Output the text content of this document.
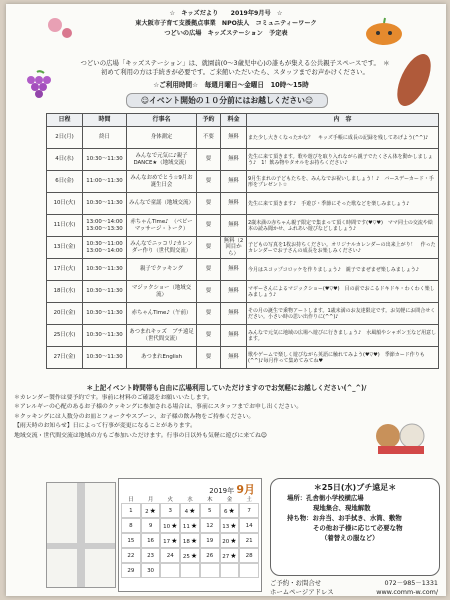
☆　キッズだより　　2019年9月号　☆
東大阪市子育て支援拠点事業　NPO法人　コミュニティーワーク
つどいの広場　キッズステーション　予定表
つどいの広場「キッズステーション」は、就園前(0〜3歳児中心)の誰もが集える公共親子スペースです。　＊初めて利用の方は手続きが必要です。ご来館いただいたら、スタッフまでお声かけください。
☆ご利用時間☆　毎週月曜日〜金曜日　10時〜15時
☺イベント開始の１０分前にはお越しください☺
日程	時間	行事名	予約	料金	内　容
2日(月)	終日	身体測定	不要	無料	また少し大きくなったかな？　キッズ手帳に成長の記録を残してあげよう(^^)♪
4日(水)	10:30〜11:30	みんなで元気に♪親子DANCE★（地域交流）	要	無料	先生に来て頂きます。歌や遊びを取り入れながら親子でたくさん体を動かしましょう♪　1！飲み物やタオルをお持ちください♪
6日(金)	11:00〜11:30	みんなおめでとう☆9月お誕生日会	要	無料	9月生まれの子どもたちを、みんなでお祝いしましょう！♪　バースデーカード・手形をプレゼント☆
10日(火)	10:30〜11:30	みんなで童謡（地域交流）	要	無料	先生に来て頂きます♪　手遊び・季節にそった歌などを楽しみましょう♪
11日(水)	13:00〜14:00　13:00〜13:30	赤ちゃんTime♪　（ベビーマッサージ・トーク）	要	無料	2歳未満の赤ちゃん親子限定で集まって頂く時間です(♥▽♥)　ママ同士の交流や絵本の読み聞かせ、ふれあい遊びなどしましょう♪
13日(金)	10:30〜11:00　13:00〜14:00	みんなでニッコリ♪カレンダー作り（世代間交流）	要	無料（2回目から）	子どもの写真を1枚お持ちください。オリジナルカレンダーの出来上がり！　作ったカレンダーでお子さんの成長をお楽しみください♪
17日(火)	10:30〜11:30	親子でクッキング	要	無料	今月はスコップコロッケを作りましょう♪　親子でまぜまぜ楽しみましょう♪
18日(水)	10:30〜11:30	マジックショー（地域交流）	要	無料	マギーさんによるマジックショー(♥▽♥)　目の前でおこるドキドキ・わくわく楽しみましょう♪
20日(金)	10:30〜11:30	赤ちゃんTime♪（午前）	要	無料	その月の誕生で乗物アートします。1歳未満のお友達限定です。お気軽にお問合せください。小さい時の思い出作りに(^^)♪
25日(水)	10:30〜11:30	あつまれキッズ　ブチ遠足（世代間交流）	要	無料	みんなで元気に地域の広場へ遊びに行きましょう♪　水風船やシャボン玉など用意します。
27日(金)	10:30〜11:30	あつまれEnglish	要	無料	歌やゲームで楽しく遊びながら英語に触れてみよう(♥▽♥)　季節カード作りも(^^)♪毎月作って集めてみてね♥
＊上記イベント時間帯も自由に広場利用していただけますのでお気軽にお越しください(^_^)/
＊カレンダー製作は要予約です。事前に材料のご確認をお願いいたします。
＊アレルギーの心配のあるお子様のクッキングに参加される場合は、事前にスタッフまでお申し出ください。
＊クッキングには人数分のお皿とフォークやスプーン、お子様の飲み物をご持参ください。
【雨天時のお知らせ】日によって行事が変更になることがあります。
地域交流・世代間交流は地域の方もご参加いただけます。行事の日以外も気軽に遊びに来てね☺
2019年 9月
日	月	火	水	木	金	土
1	2 ★	3	4 ★	5	6 ★	7
8	9	10 ★	11 ★	12	13 ★	14
15	16	17 ★	18 ★	19	20 ★	21
22	23	24	25 ★	26	27 ★	28
29	30
＊25日(水)プチ遠足＊
場所：孔舎衙小学校横広場
現地集合、現地解散
持ち物：お弁当、お手拭き、水筒、敷物
その他お子様に応じて必要な物
（着替えの服など）
ご予約・お問合せ	072－985－1331
ホームページアドレス	www.comm-w.com/
